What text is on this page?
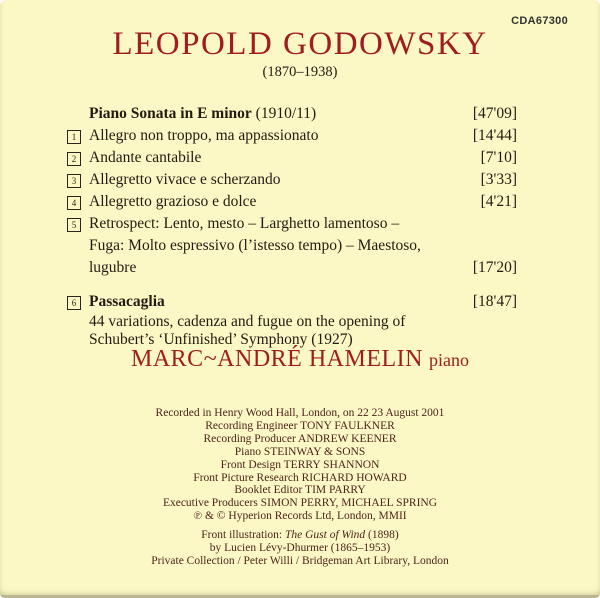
CDA67300
LEOPOLD GODOWSKY
(1870–1938)
Piano Sonata in E minor (1910/11)	[47'09]
1 Allegro non troppo, ma appassionato	[14'44]
2 Andante cantabile	[7'10]
3 Allegretto vivace e scherzando	[3'33]
4 Allegretto grazioso e dolce	[4'21]
5 Retrospect: Lento, mesto – Larghetto lamentoso –
Fuga: Molto espressivo (l’istesso tempo) – Maestoso, lugubre	[17'20]
6 Passacaglia	[18'47]
44 variations, cadenza and fugue on the opening of
Schubert’s ‘Unfinished’ Symphony (1927)
MARC~ANDRÉ HAMELIN piano
Recorded in Henry Wood Hall, London, on 22 23 August 2001
Recording Engineer TONY FAULKNER
Recording Producer ANDREW KEENER
Piano STEINWAY & SONS
Front Design TERRY SHANNON
Front Picture Research RICHARD HOWARD
Booklet Editor TIM PARRY
Executive Producers SIMON PERRY, MICHAEL SPRING
℗ & © Hyperion Records Ltd, London, MMII
Front illustration: The Gust of Wind (1898)
by Lucien Lévy-Dhurmer (1865–1953)
Private Collection / Peter Willi / Bridgeman Art Library, London
